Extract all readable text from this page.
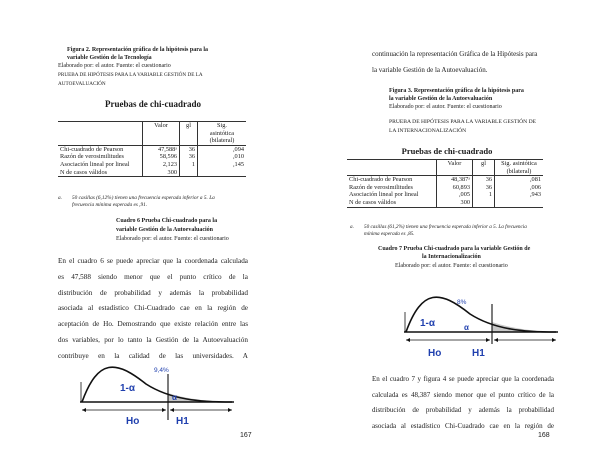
Figura 2. Representación gráfica de la hipótesis para la
variable Gestión de la Tecnología
Elaborado por: el autor. Fuente: el cuestionario
PRUEBA DE HIPÓTESIS PARA LA VARIABLE GESTIÓN DE LA
AUTOEVALUACIÓN
Pruebas de chi-cuadrado
	Valor	gl	Sig.
			asintótica
			(bilateral)
Chi-cuadrado de Pearson	47,588ᵃ	36	,094
Razón de verosimilitudes	58,596	36	,010
Asociación lineal por lineal	2,123	1	,145
N de casos válidos	300		
a. 50 casillas (6,12%) tienen una frecuencia esperada inferior a 5. La
frecuencia mínima esperada es ,91.
Cuadro 6 Prueba Chi-cuadrado para la
variable Gestión de la Autoevaluación
Elaborado por: el autor. Fuente: el cuestionario
En el cuadro 6 se puede apreciar que la coordenada calculada
es 47,588 siendo menor que el punto crítico de la
distribución de probabilidad y además la probabilidad
asociada al estadístico Chi-Cuadrado cae en la región de
aceptación de Ho. Demostrando que existe relación entre las
dos variables, por lo tanto la Gestión de la Autoevaluación
contribuye en la calidad de las universidades. A
9,4%
1-α
α
Ho	H1
167
continuación la representación Gráfica de la Hipótesis para
la variable Gestión de la Autoevaluación.
Figura 3. Representación gráfica de la hipótesis para
la variable Gestión de la Autoevaluación
Elaborado por: el autor. Fuente: el cuestionario
PRUEBA DE HIPÓTESIS PARA LA VARIABLE GESTIÓN DE
LA INTERNACIONALIZACIÓN
Pruebas de chi-cuadrado
	Valor	gl	Sig. asintótica
			(bilateral)
Chi-cuadrado de Pearson	48,387ᵃ	36	,081
Razón de verosimilitudes	60,893	36	,006
Asociación lineal por lineal	,005	1	,943
N de casos válidos	300		
a. 50 casillas (61,2%) tienen una frecuencia esperada inferior a 5. La frecuencia
mínima esperada es ,85.
Cuadro 7 Prueba Chi-cuadrado para la variable Gestión de
la Internacionalización
Elaborado por: el autor. Fuente: el cuestionario
8%
1-α	α
Ho	H1
En el cuadro 7 y figura 4 se puede apreciar que la coordenada
calculada es 48,387 siendo menor que el punto crítico de la
distribución de probabilidad y además la probabilidad
asociada al estadístico Chi-Cuadrado cae en la región de
168
